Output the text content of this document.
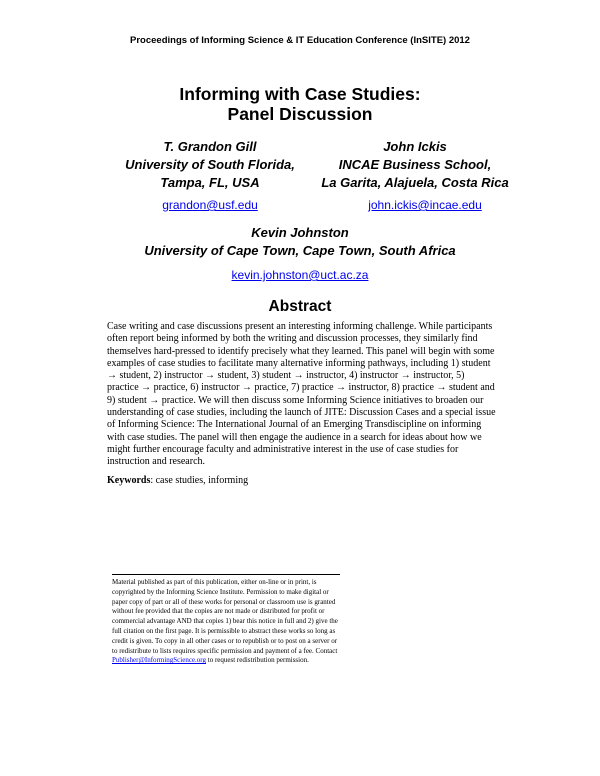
Proceedings of Informing Science & IT Education Conference (InSITE) 2012
Informing with Case Studies:
Panel Discussion
T. Grandon Gill
University of South Florida,
Tampa, FL, USA
grandon@usf.edu
John Ickis
INCAE Business School,
La Garita, Alajuela, Costa Rica
john.ickis@incae.edu
Kevin Johnston
University of Cape Town, Cape Town, South Africa
kevin.johnston@uct.ac.za
Abstract
Case writing and case discussions present an interesting informing challenge. While participants often report being informed by both the writing and discussion processes, they similarly find themselves hard-pressed to identify precisely what they learned. This panel will begin with some examples of case studies to facilitate many alternative informing pathways, including 1) student → student, 2) instructor → student, 3) student → instructor, 4) instructor → instructor, 5) practice → practice, 6) instructor → practice, 7) practice → instructor, 8) practice → student and 9) student → practice. We will then discuss some Informing Science initiatives to broaden our understanding of case studies, including the launch of JITE: Discussion Cases and a special issue of Informing Science: The International Journal of an Emerging Transdiscipline on informing with case studies. The panel will then engage the audience in a search for ideas about how we might further encourage faculty and administrative interest in the use of case studies for instruction and research.
Keywords: case studies, informing
Material published as part of this publication, either on-line or in print, is copyrighted by the Informing Science Institute. Permission to make digital or paper copy of part or all of these works for personal or classroom use is granted without fee provided that the copies are not made or distributed for profit or commercial advantage AND that copies 1) bear this notice in full and 2) give the full citation on the first page. It is permissible to abstract these works so long as credit is given. To copy in all other cases or to republish or to post on a server or to redistribute to lists requires specific permission and payment of a fee. Contact Publisher@InformingScience.org to request redistribution permission.
